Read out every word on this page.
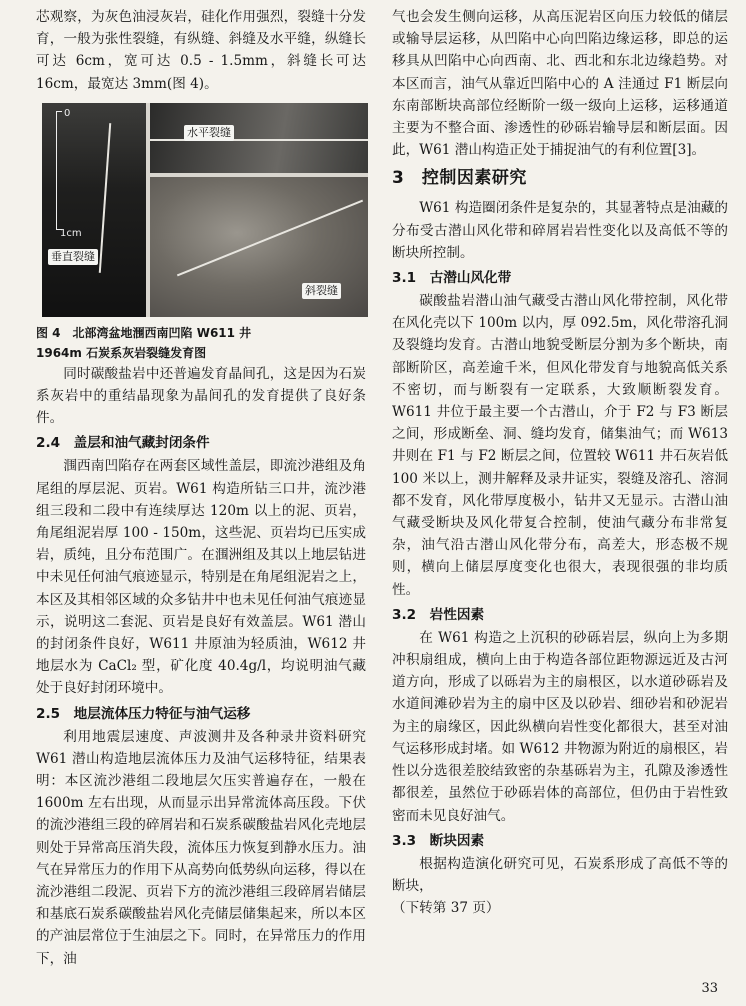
芯观察，为灰色油浸灰岩，硅化作用强烈，裂缝十分发育，一般为张性裂缝，有纵缝、斜缝及水平缝，纵缝长可达 6cm，宽可达 0.5 - 1.5mm，斜缝长可达 16cm，最宽达 3mm(图 4)。

0
1cm
垂直裂缝
水平裂缝
斜裂缝

图 4　北部湾盆地涠西南凹陷 W611 井

1964m 石炭系灰岩裂缝发育图

同时碳酸盐岩中还普遍发育晶间孔，这是因为石炭系灰岩中的重结晶现象为晶间孔的发育提供了良好条件。

2.4　盖层和油气藏封闭条件

涠西南凹陷存在两套区域性盖层，即流沙港组及角尾组的厚层泥、页岩。W61 构造所钻三口井，流沙港组三段和二段中有连续厚达 120m 以上的泥、页岩，角尾组泥岩厚 100 - 150m，这些泥、页岩均已压实成岩，质纯，且分布范围广。在涠洲组及其以上地层钻进中未见任何油气痕迹显示，特别是在角尾组泥岩之上，本区及其相邻区域的众多钻井中也未见任何油气痕迹显示，说明这二套泥、页岩是良好有效盖层。W61 潜山的封闭条件良好，W611 井原油为轻质油，W612 井地层水为 CaCl₂ 型，矿化度 40.4g/l，均说明油气藏处于良好封闭环境中。

2.5　地层流体压力特征与油气运移

利用地震层速度、声波测井及各种录井资料研究 W61 潜山构造地层流体压力及油气运移特征，结果表明：本区流沙港组二段地层欠压实普遍存在，一般在 1600m 左右出现，从而显示出异常流体高压段。下伏的流沙港组三段的碎屑岩和石炭系碳酸盐岩风化壳地层则处于异常高压消失段，流体压力恢复到静水压力。油气在异常压力的作用下从高势向低势纵向运移，得以在流沙港组二段泥、页岩下方的流沙港组三段碎屑岩储层和基底石炭系碳酸盐岩风化壳储层储集起来，所以本区的产油层常位于生油层之下。同时，在异常压力的作用下，油

气也会发生侧向运移，从高压泥岩区向压力较低的储层或输导层运移，从凹陷中心向凹陷边缘运移，即总的运移具从凹陷中心向西南、北、西北和东北边缘趋势。对本区而言，油气从靠近凹陷中心的 A 洼通过 F1 断层向东南部断块高部位经断阶一级一级向上运移，运移通道主要为不整合面、渗透性的砂砾岩输导层和断层面。因此，W61 潜山构造正处于捕捉油气的有利位置[3]。

3　控制因素研究

W61 构造圈闭条件是复杂的，其显著特点是油藏的分布受古潜山风化带和碎屑岩岩性变化以及高低不等的断块所控制。

3.1　古潜山风化带

碳酸盐岩潜山油气藏受古潜山风化带控制，风化带在风化壳以下 100m 以内，厚 092.5m，风化带溶孔洞及裂缝均发育。古潜山地貌受断层分割为多个断块，南部断阶区，高差逾千米，但风化带发育与地貌高低关系不密切，而与断裂有一定联系，大致顺断裂发育。W611 井位于最主要一个古潜山，介于 F2 与 F3 断层之间，形成断垒、洞、缝均发育，储集油气；而 W613 井则在 F1 与 F2 断层之间，位置较 W611 井石灰岩低 100 米以上，测井解释及录井证实，裂缝及溶孔、溶洞都不发育，风化带厚度极小，钻井又无显示。古潜山油气藏受断块及风化带复合控制，使油气藏分布非常复杂，油气沿古潜山风化带分布，高差大，形态极不规则，横向上储层厚度变化也很大，表现很强的非均质性。

3.2　岩性因素

在 W61 构造之上沉积的砂砾岩层，纵向上为多期冲积扇组成，横向上由于构造各部位距物源远近及古河道方向，形成了以砾岩为主的扇根区，以水道砂砾岩及水道间滩砂岩为主的扇中区及以砂岩、细砂岩和砂泥岩为主的扇缘区，因此纵横向岩性变化都很大，甚至对油气运移形成封堵。如 W612 井物源为附近的扇根区，岩性以分选很差胶结致密的杂基砾岩为主，孔隙及渗透性都很差，虽然位于砂砾岩体的高部位，但仍由于岩性致密而未见良好油气。

3.3　断块因素

根据构造演化研究可见，石炭系形成了高低不等的断块，

（下转第 37 页）

33
